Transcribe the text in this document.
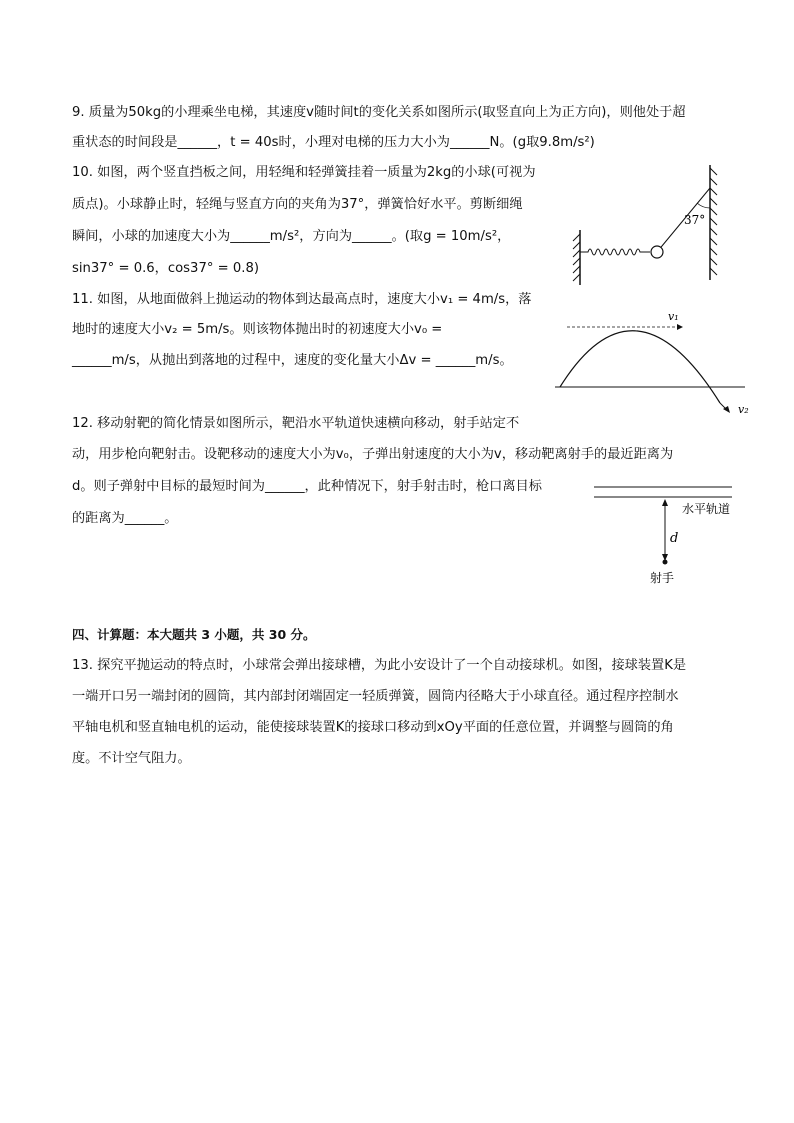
9. 质量为50kg的小理乘坐电梯，其速度v随时间t的变化关系如图所示(取竖直向上为正方向)，则他处于超
重状态的时间段是______，t = 40s时，小理对电梯的压力大小为______N。(g取9.8m/s²)
10. 如图，两个竖直挡板之间，用轻绳和轻弹簧挂着一质量为2kg的小球(可视为
质点)。小球静止时，轻绳与竖直方向的夹角为37°，弹簧恰好水平。剪断细绳
瞬间，小球的加速度大小为______m/s²，方向为______。(取g = 10m/s²，
sin37° = 0.6，cos37° = 0.8)
37°
11. 如图，从地面做斜上抛运动的物体到达最高点时，速度大小v₁ = 4m/s，落
地时的速度大小v₂ = 5m/s。则该物体抛出时的初速度大小v₀ =
______m/s，从抛出到落地的过程中，速度的变化量大小Δv = ______m/s。
v₁
v₂
12. 移动射靶的简化情景如图所示，靶沿水平轨道快速横向移动，射手站定不
动，用步枪向靶射击。设靶移动的速度大小为v₀，子弹出射速度的大小为v，移动靶离射手的最近距离为
d。则子弹射中目标的最短时间为______，此种情况下，射手射击时，枪口离目标
的距离为______。
水平轨道
d
射手
四、计算题：本大题共 3 小题，共 30 分。
13. 探究平抛运动的特点时，小球常会弹出接球槽，为此小安设计了一个自动接球机。如图，接球装置K是
一端开口另一端封闭的圆筒，其内部封闭端固定一轻质弹簧，圆筒内径略大于小球直径。通过程序控制水
平轴电机和竖直轴电机的运动，能使接球装置K的接球口移动到xOy平面的任意位置，并调整与圆筒的角
度。不计空气阻力。
